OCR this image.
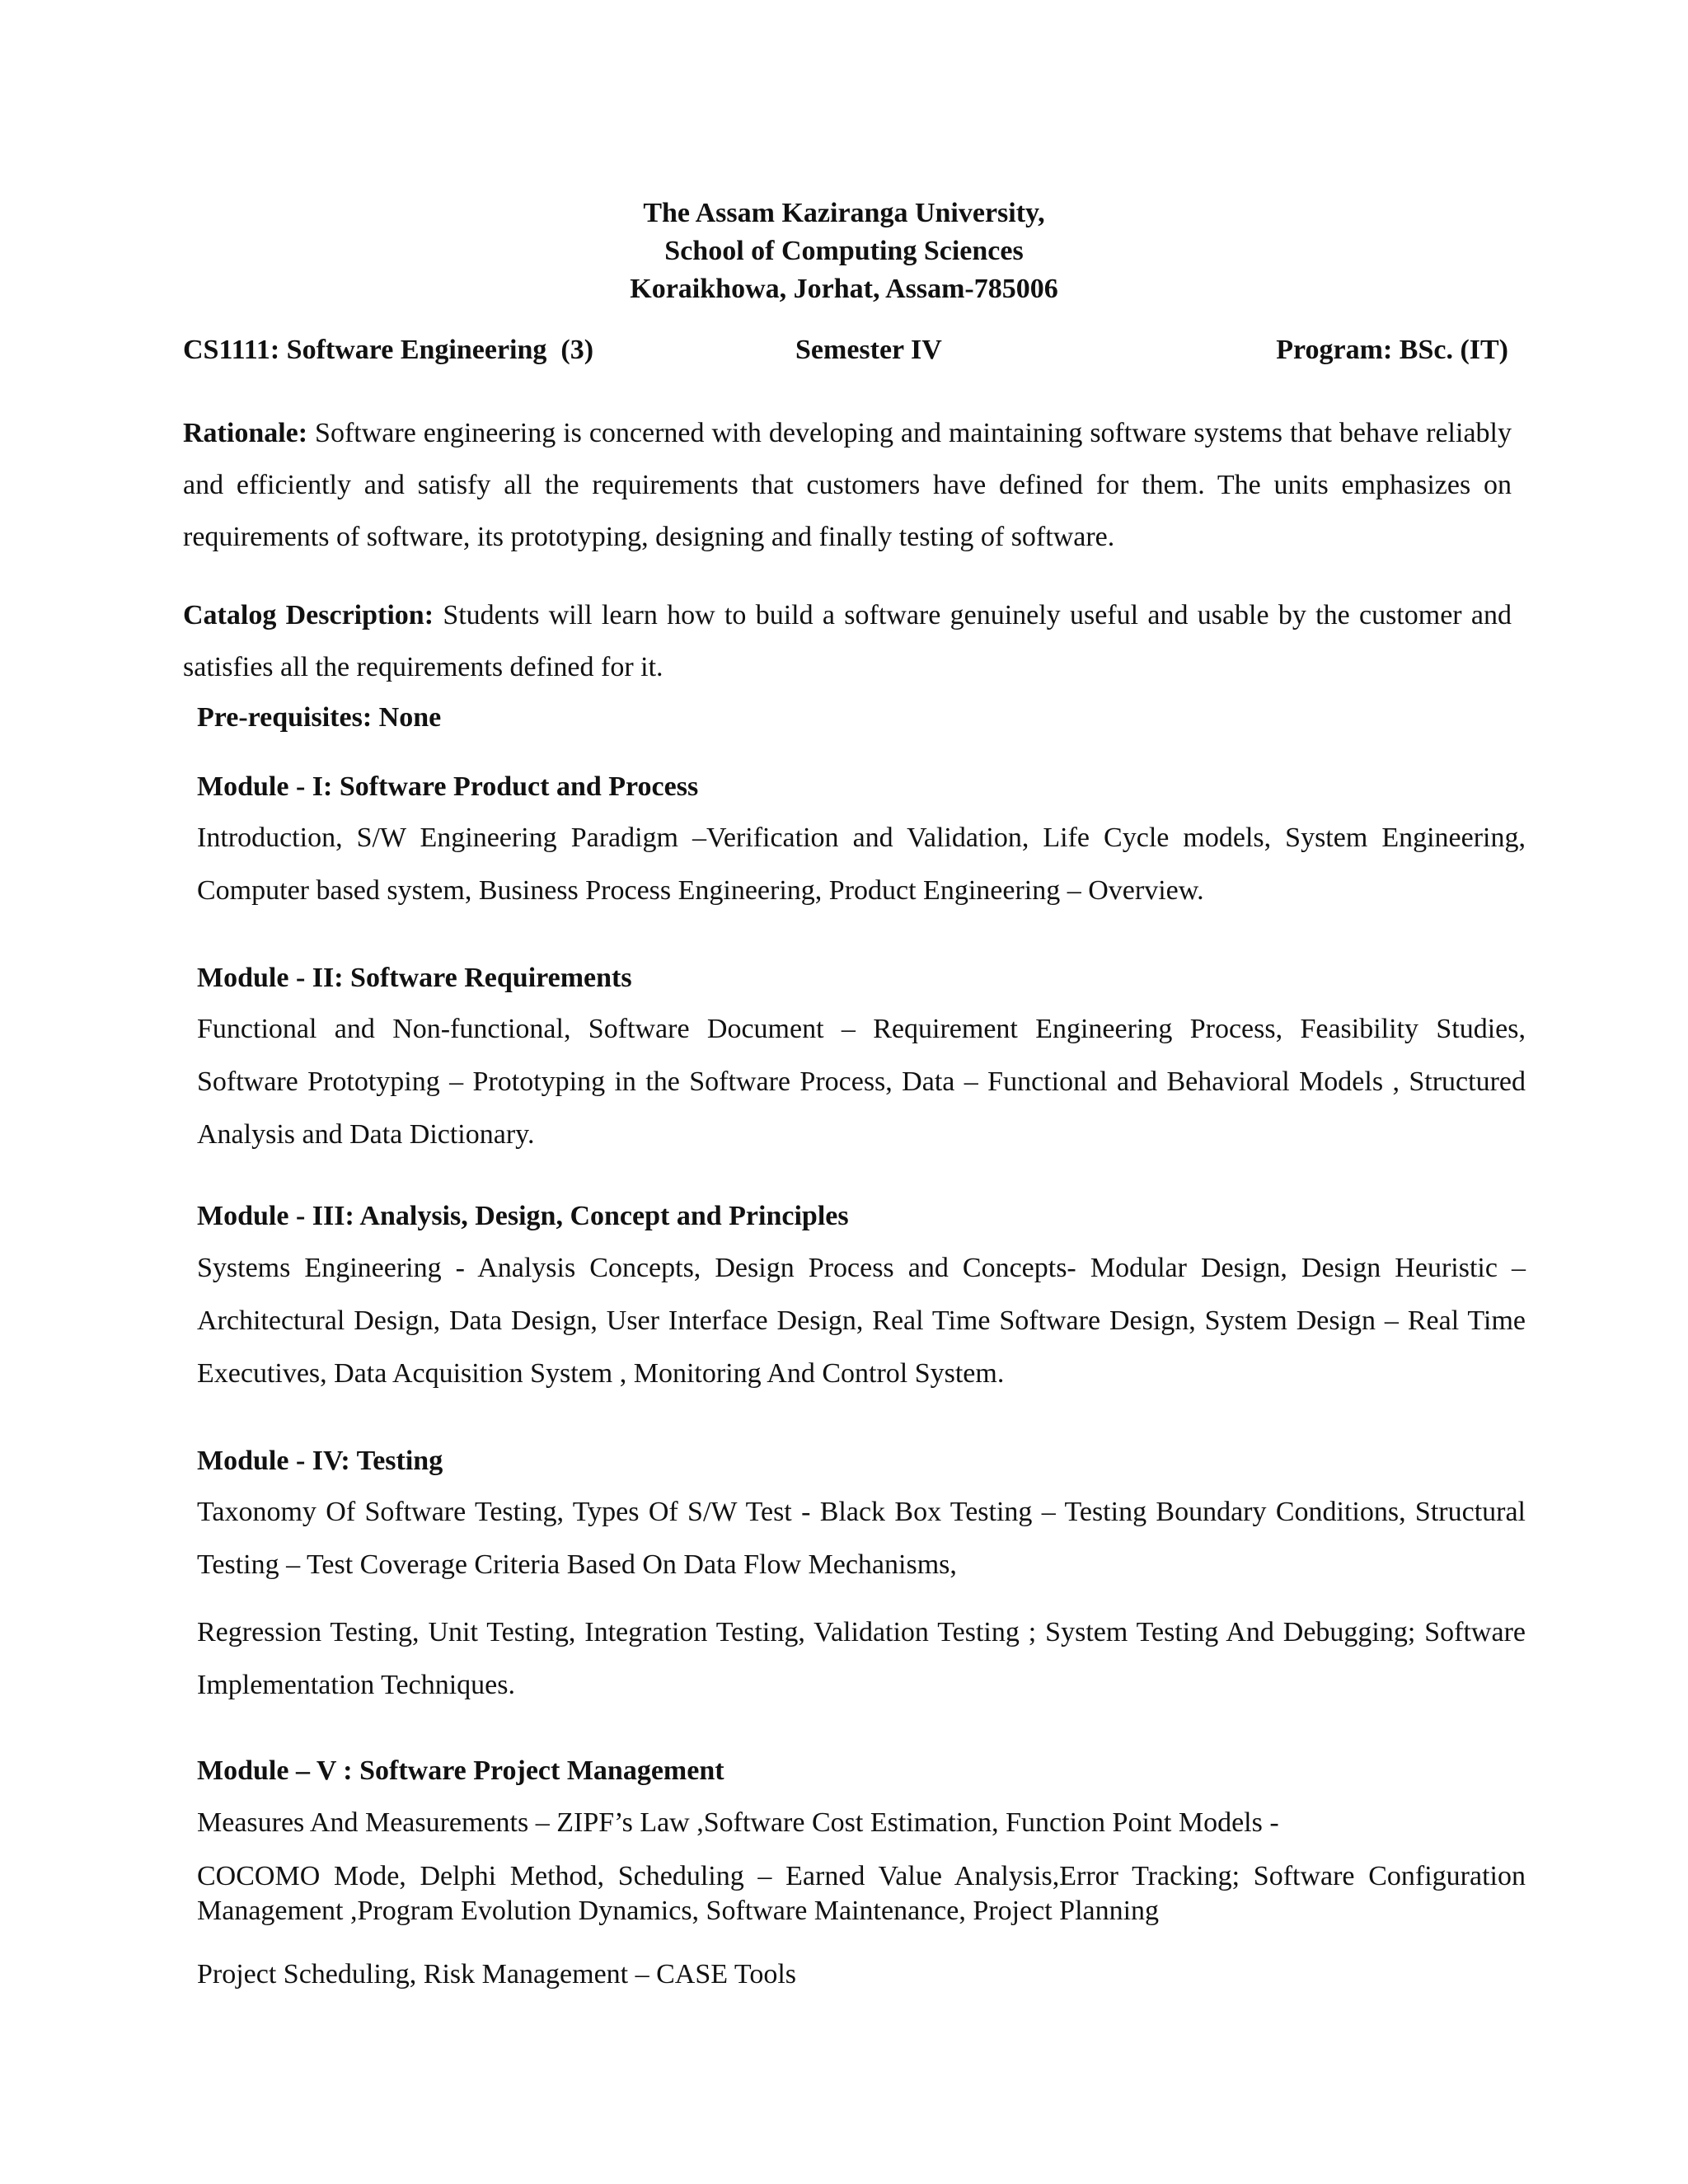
The Assam Kaziranga University,
School of Computing Sciences
Koraikhowa, Jorhat, Assam-785006
CS1111: Software Engineering  (3)	Semester IV	Program: BSc. (IT)
Rationale: Software engineering is concerned with developing and maintaining software systems that behave reliably and efficiently and satisfy all the requirements that customers have defined for them. The units emphasizes on requirements of software, its prototyping, designing and finally testing of software.
Catalog Description: Students will learn how to build a software genuinely useful and usable by the customer and satisfies all the requirements defined for it.
Pre-requisites: None
Module - I: Software Product and Process

Introduction, S/W Engineering Paradigm –Verification and Validation, Life Cycle models, System Engineering, Computer based system, Business Process Engineering, Product Engineering – Overview.

Module - II: Software Requirements

Functional and Non-functional, Software Document – Requirement Engineering Process, Feasibility Studies, Software Prototyping – Prototyping in the Software Process, Data – Functional and Behavioral Models , Structured Analysis and Data Dictionary.

Module - III: Analysis, Design, Concept and Principles

Systems Engineering - Analysis Concepts, Design Process and Concepts- Modular Design, Design Heuristic – Architectural Design, Data Design, User Interface Design, Real Time Software Design, System Design – Real Time Executives, Data Acquisition System , Monitoring And Control System.

Module - IV: Testing

Taxonomy Of Software Testing, Types Of S/W Test - Black Box Testing – Testing Boundary Conditions, Structural Testing – Test Coverage Criteria Based On Data Flow Mechanisms,

Regression Testing, Unit Testing, Integration Testing, Validation Testing ; System Testing And Debugging; Software Implementation Techniques.

Module – V : Software Project Management

Measures And Measurements – ZIPF’s Law ,Software Cost Estimation, Function Point Models -

COCOMO Mode, Delphi Method, Scheduling – Earned Value Analysis,Error Tracking; Software Configuration Management ,Program Evolution Dynamics, Software Maintenance, Project Planning

Project Scheduling, Risk Management – CASE Tools
